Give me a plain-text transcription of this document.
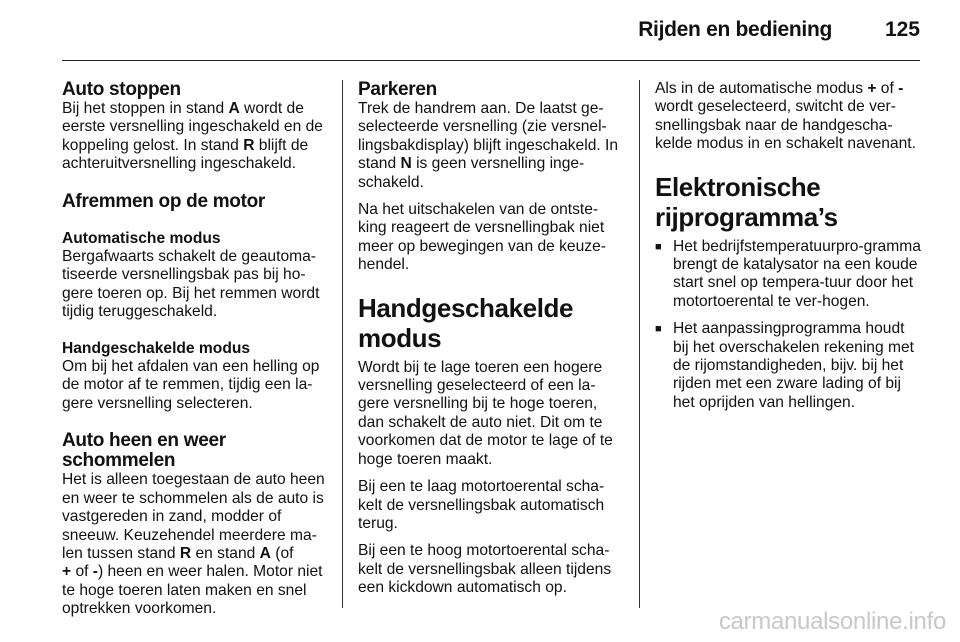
Rijden en bediening	125
Auto stoppen

Bij het stoppen in stand A wordt de eerste versnelling ingeschakeld en de koppeling gelost. In stand R blijft de achteruitversnelling ingeschakeld.

Afremmen op de motor
Automatische modus

Bergafwaarts schakelt de geautoma-tiseerde versnellingsbak pas bij ho-gere toeren op. Bij het remmen wordt tijdig teruggeschakeld.

Handgeschakelde modus

Om bij het afdalen van een helling op de motor af te remmen, tijdig een la-gere versnelling selecteren.

Auto heen en weer schommelen

Het is alleen toegestaan de auto heen en weer te schommelen als de auto is vastgereden in zand, modder of sneeuw. Keuzehendel meerdere ma-len tussen stand R en stand A (of
+ of -) heen en weer halen. Motor niet te hoge toeren laten maken en snel optrekken voorkomen.

Parkeren

Trek de handrem aan. De laatst ge-selecteerde versnelling (zie versnel-lingsbakdisplay) blijft ingeschakeld. In stand N is geen versnelling inge-schakeld.

Na het uitschakelen van de ontste-king reageert de versnellingbak niet meer op bewegingen van de keuze-hendel.

Handgeschakelde modus

Wordt bij te lage toeren een hogere versnelling geselecteerd of een la-gere versnelling bij te hoge toeren, dan schakelt de auto niet. Dit om te voorkomen dat de motor te lage of te hoge toeren maakt.

Bij een te laag motortoerental scha-kelt de versnellingsbak automatisch terug.

Bij een te hoog motortoerental scha-kelt de versnellingsbak alleen tijdens een kickdown automatisch op.

Als in de automatische modus + of - wordt geselecteerd, switcht de ver-snellingsbak naar de handgescha-kelde modus in en schakelt navenant.

Elektronische rijprogramma’s
■ Het bedrijfstemperatuurpro-gramma brengt de katalysator na een koude start snel op tempera-tuur door het motortoerental te ver-hogen.
■ Het aanpassingprogramma houdt bij het overschakelen rekening met de rijomstandigheden, bijv. bij het rijden met een zware lading of bij het oprijden van hellingen.
carmanualsonline.info
